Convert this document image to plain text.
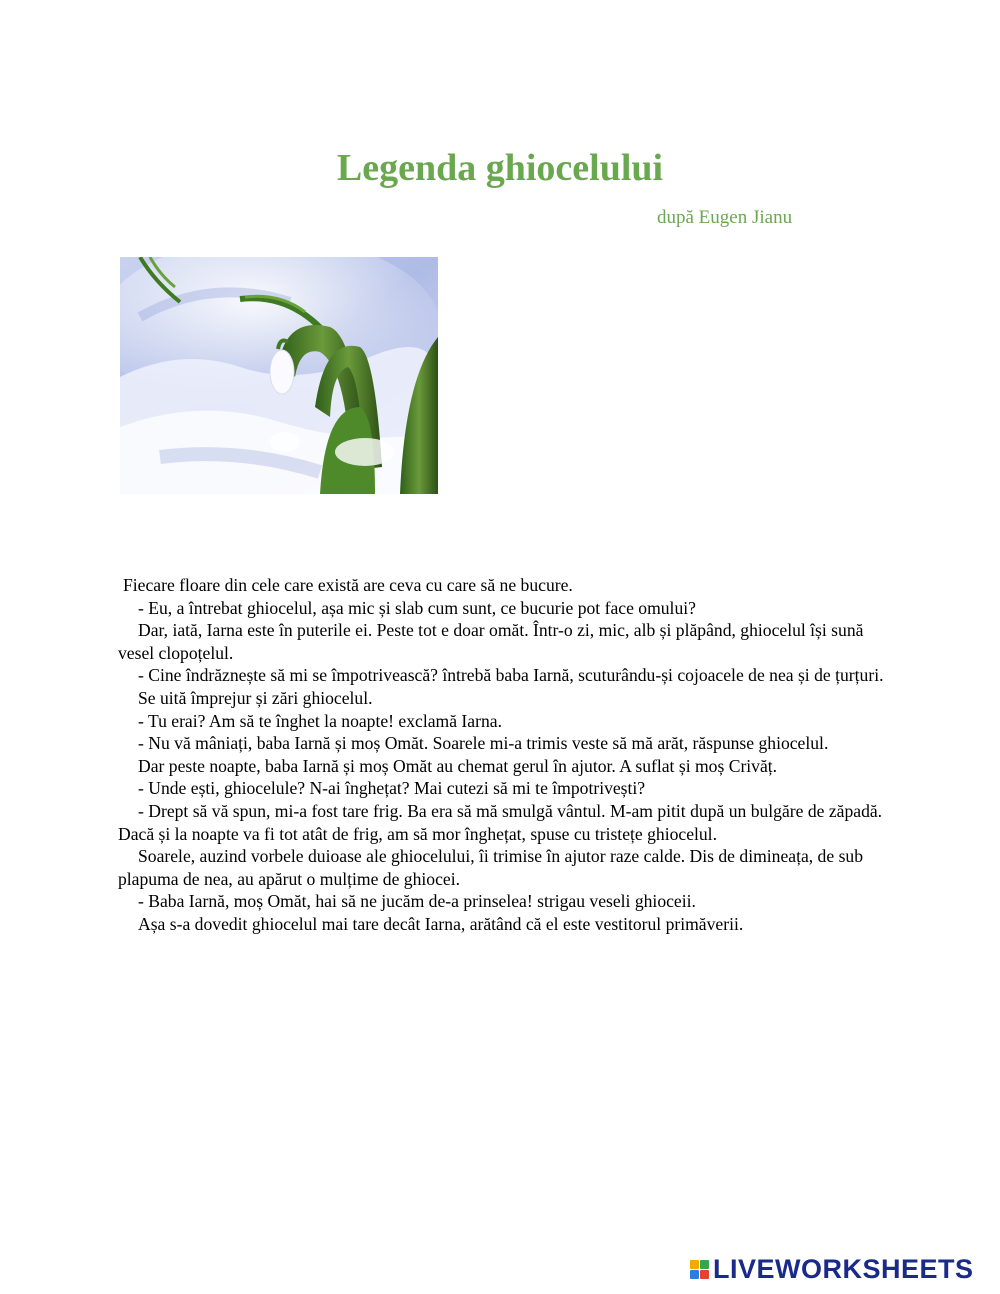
Legenda ghiocelului
după Eugen Jianu

Fiecare floare din cele care există are ceva cu care să ne bucure.

- Eu, a întrebat ghiocelul, așa mic și slab cum sunt, ce bucurie pot face omului?

Dar, iată, Iarna este în puterile ei. Peste tot e doar omăt. Într-o zi, mic, alb și plăpând, ghiocelul își sună vesel clopoțelul.

- Cine îndrăznește să mi se împotrivească? întrebă baba Iarnă, scuturându-și cojoacele de nea și de țurțuri.

Se uită împrejur și zări ghiocelul.

- Tu erai? Am să te înghet la noapte! exclamă Iarna.

- Nu vă mâniați, baba Iarnă și moș Omăt. Soarele mi-a trimis veste să mă arăt, răspunse ghiocelul.

Dar peste noapte, baba Iarnă și moș Omăt au chemat gerul în ajutor. A suflat și moș Crivăț.

- Unde ești, ghiocelule? N-ai înghețat? Mai cutezi să mi te împotrivești?

- Drept să vă spun, mi-a fost tare frig. Ba era să mă smulgă vântul. M-am pitit după un bulgăre de zăpadă. Dacă și la noapte va fi tot atât de frig, am să mor înghețat, spuse cu tristețe ghiocelul.

Soarele, auzind vorbele duioase ale ghiocelului, îi trimise în ajutor raze calde. Dis de dimineața, de sub plapuma de nea, au apărut o mulțime de ghiocei.

- Baba Iarnă, moș Omăt, hai să ne jucăm de-a prinselea! strigau veseli ghioceii.

Așa s-a dovedit ghiocelul mai tare decât Iarna, arătând că el este vestitorul primăverii.

LIVEWORKSHEETS
